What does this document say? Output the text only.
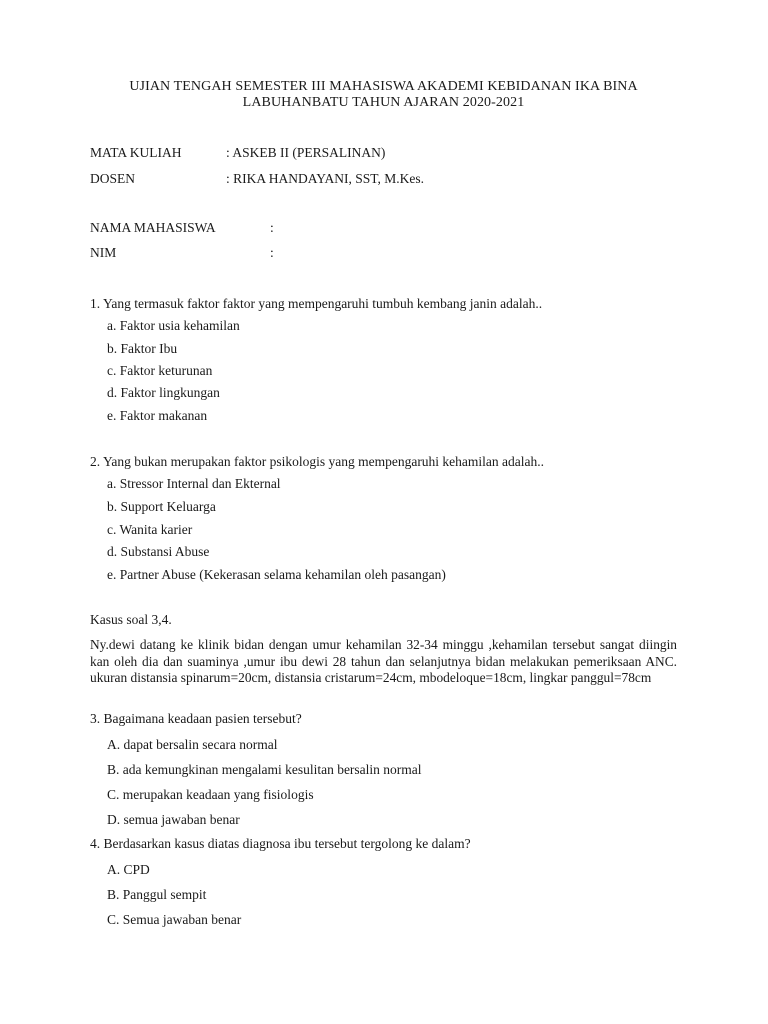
UJIAN TENGAH SEMESTER III MAHASISWA AKADEMI KEBIDANAN IKA BINA
LABUHANBATU TAHUN AJARAN 2020-2021
MATA KULIAH	: ASKEB II (PERSALINAN)
DOSEN	: RIKA HANDAYANI, SST, M.Kes.
NAMA MAHASISWA	:
NIM	:
1. Yang termasuk faktor faktor yang mempengaruhi tumbuh kembang janin adalah..
a. Faktor usia kehamilan
b. Faktor Ibu
c. Faktor keturunan
d. Faktor lingkungan
e. Faktor makanan
2. Yang bukan merupakan faktor psikologis yang mempengaruhi kehamilan adalah..
a. Stressor Internal dan Ekternal
b. Support Keluarga
c. Wanita karier
d. Substansi Abuse
e. Partner Abuse (Kekerasan selama kehamilan oleh pasangan)
Kasus soal 3,4.
Ny.dewi datang ke klinik bidan dengan umur kehamilan 32-34 minggu ,kehamilan tersebut sangat diingin kan oleh dia dan suaminya ,umur ibu dewi 28 tahun dan selanjutnya bidan melakukan pemeriksaan ANC. ukuran distansia spinarum=20cm, distansia cristarum=24cm, mbodeloque=18cm, lingkar panggul=78cm
3. Bagaimana keadaan pasien tersebut?
A. dapat bersalin secara normal
B. ada kemungkinan mengalami kesulitan bersalin normal
C. merupakan keadaan yang fisiologis
D. semua jawaban benar
4. Berdasarkan kasus diatas diagnosa ibu tersebut tergolong ke dalam?
A. CPD
B. Panggul sempit
C. Semua jawaban benar
